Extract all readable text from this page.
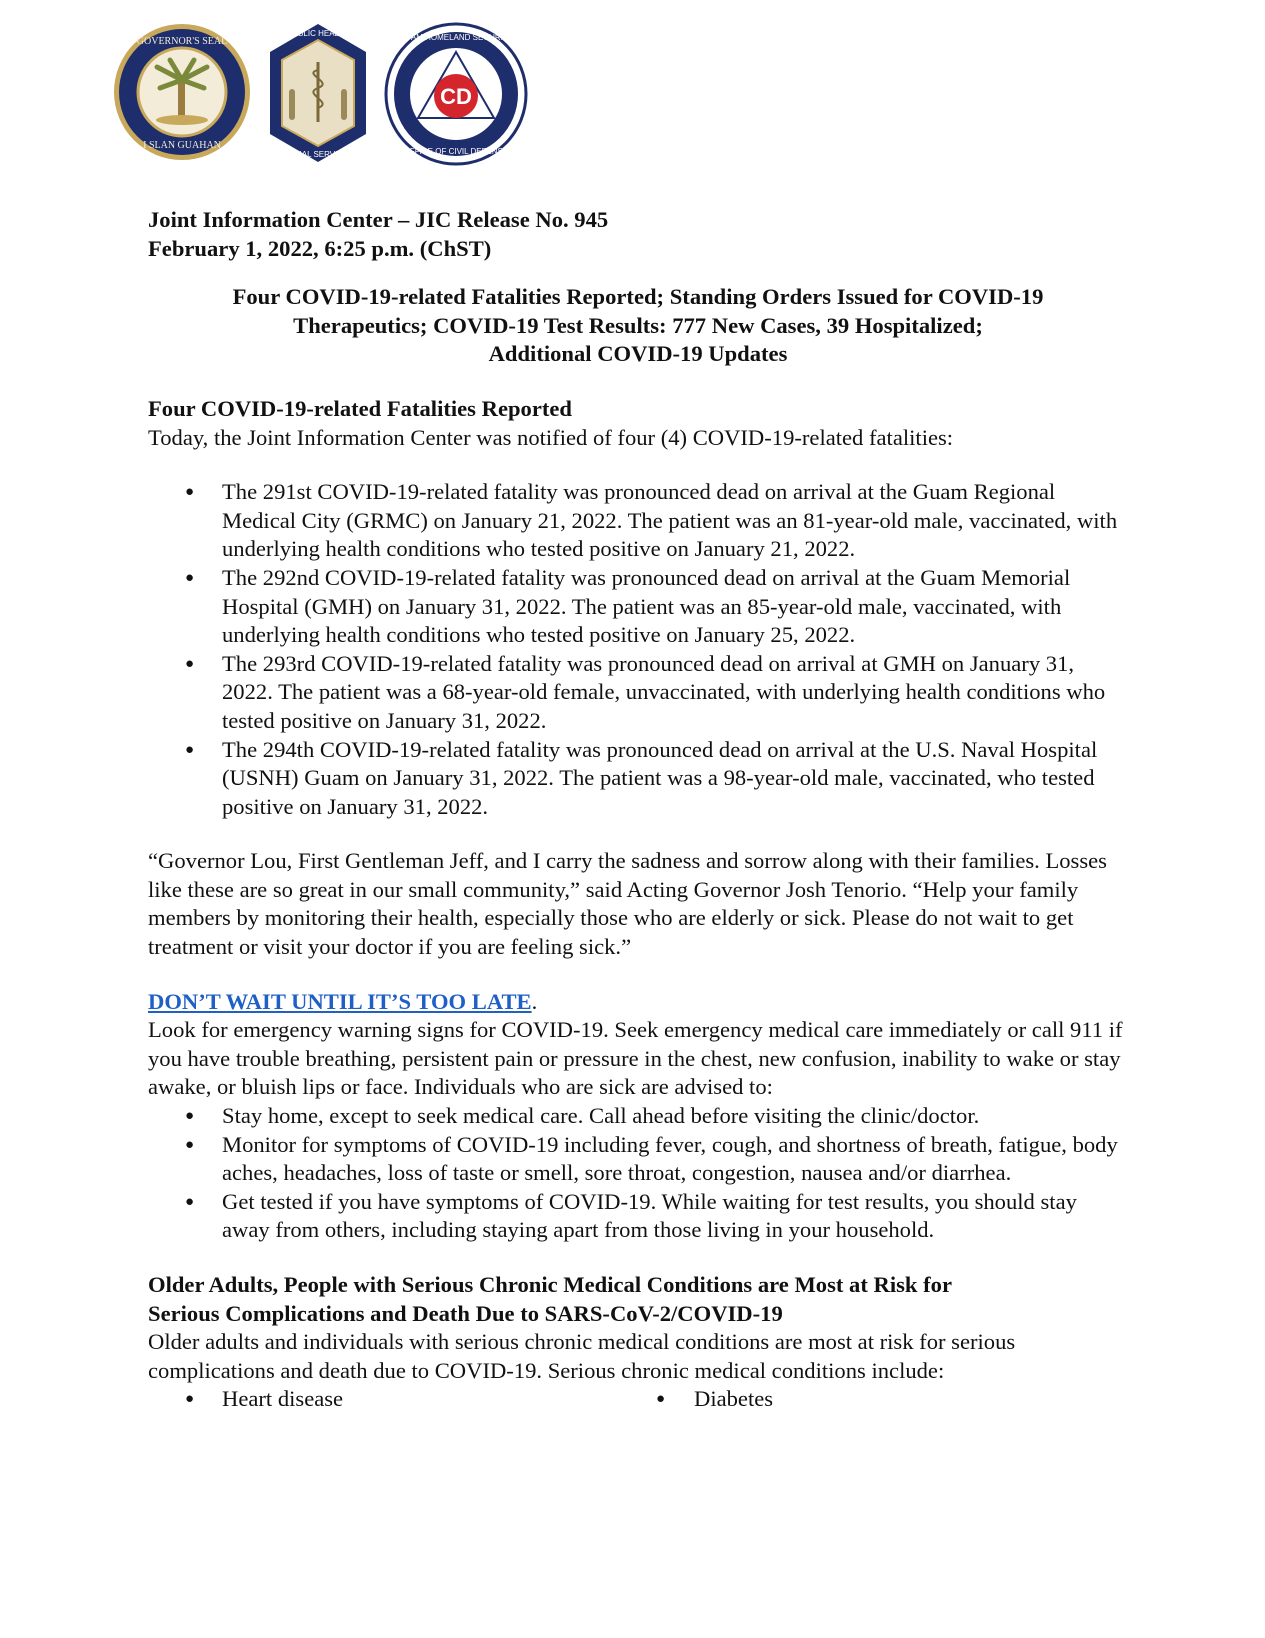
GOVERNOR'S SEAL
I SLAN GUAHAN
PUBLIC HEALTH
SOCIAL SERVICES
CD
GUAM HOMELAND SECURITY
OFFICE OF CIVIL DEFENSE

Joint Information Center – JIC Release No. 945

February 1, 2022, 6:25 p.m. (ChST)

Four COVID-19-related Fatalities Reported; Standing Orders Issued for COVID-19

Therapeutics; COVID-19 Test Results: 777 New Cases, 39 Hospitalized;

Additional COVID-19 Updates

Four COVID-19-related Fatalities Reported

Today, the Joint Information Center was notified of four (4) COVID-19-related fatalities:

● The 291st COVID-19-related fatality was pronounced dead on arrival at the Guam Regional Medical City (GRMC) on January 21, 2022. The patient was an 81-year-old male, vaccinated, with underlying health conditions who tested positive on January 21, 2022.
● The 292nd COVID-19-related fatality was pronounced dead on arrival at the Guam Memorial Hospital (GMH) on January 31, 2022. The patient was an 85-year-old male, vaccinated, with underlying health conditions who tested positive on January 25, 2022.
● The 293rd COVID-19-related fatality was pronounced dead on arrival at GMH on January 31, 2022. The patient was a 68-year-old female, unvaccinated, with underlying health conditions who tested positive on January 31, 2022.
● The 294th COVID-19-related fatality was pronounced dead on arrival at the U.S. Naval Hospital (USNH) Guam on January 31, 2022. The patient was a 98-year-old male, vaccinated, who tested positive on January 31, 2022.

“Governor Lou, First Gentleman Jeff, and I carry the sadness and sorrow along with their families. Losses like these are so great in our small community,” said Acting Governor Josh Tenorio. “Help your family members by monitoring their health, especially those who are elderly or sick. Please do not wait to get treatment or visit your doctor if you are feeling sick.”

DON’T WAIT UNTIL IT’S TOO LATE.

Look for emergency warning signs for COVID-19. Seek emergency medical care immediately or call 911 if you have trouble breathing, persistent pain or pressure in the chest, new confusion, inability to wake or stay awake, or bluish lips or face. Individuals who are sick are advised to:

● Stay home, except to seek medical care. Call ahead before visiting the clinic/doctor.
● Monitor for symptoms of COVID-19 including fever, cough, and shortness of breath, fatigue, body aches, headaches, loss of taste or smell, sore throat, congestion, nausea and/or diarrhea.
● Get tested if you have symptoms of COVID-19. While waiting for test results, you should stay away from others, including staying apart from those living in your household.

Older Adults, People with Serious Chronic Medical Conditions are Most at Risk for

Serious Complications and Death Due to SARS-CoV-2/COVID-19

Older adults and individuals with serious chronic medical conditions are most at risk for serious complications and death due to COVID-19. Serious chronic medical conditions include:

● Heart disease
●	Diabetes
